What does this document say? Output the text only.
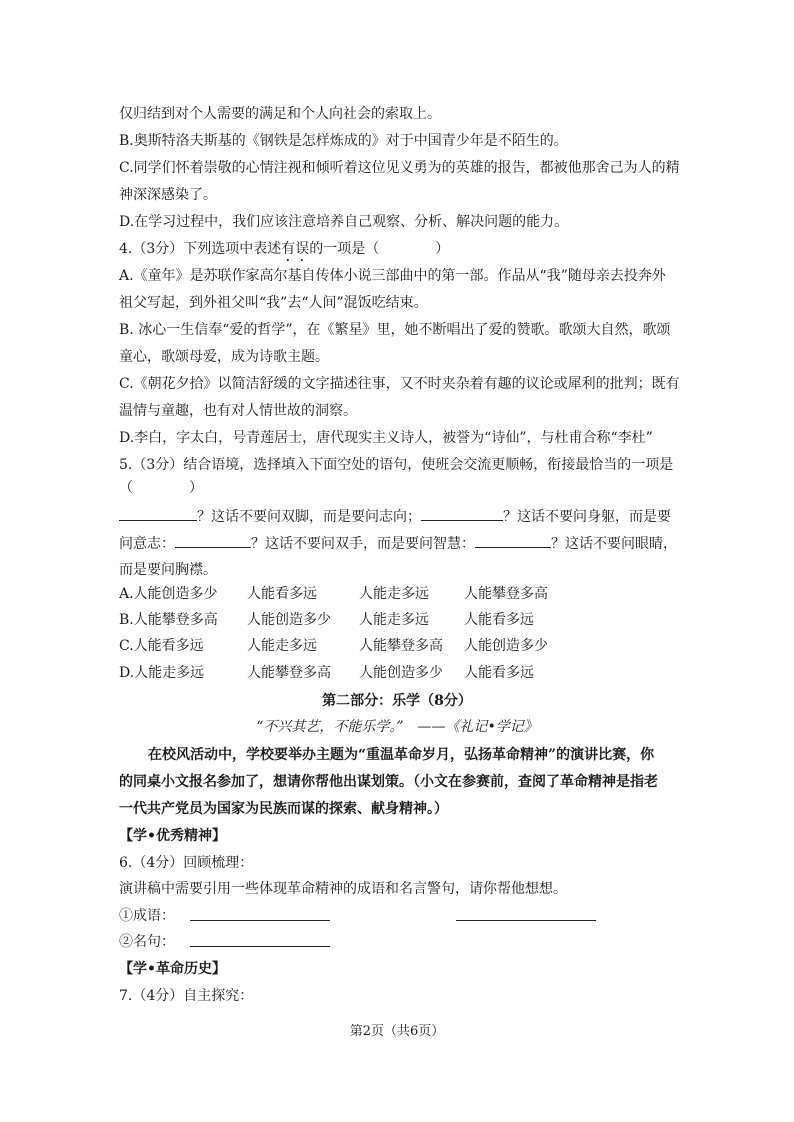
仅归结到对个人需要的满足和个人向社会的索取上。
B.奥斯特洛夫斯基的《钢铁是怎样炼成的》对于中国青少年是不陌生的。
C.同学们怀着崇敬的心情注视和倾听着这位见义勇为的英雄的报告，都被他那舍己为人的精
神深深感染了。
D.在学习过程中，我们应该注意培养自己观察、分析、解决问题的能力。
4.（3分）下列选项中表述有误的一项是（　　　　）
A.《童年》是苏联作家高尔基自传体小说三部曲中的第一部。作品从“我”随母亲去投奔外
祖父写起，到外祖父叫“我”去“人间”混饭吃结束。
B. 冰心一生信奉“爱的哲学”，在《繁星》里，她不断唱出了爱的赞歌。歌颂大自然，歌颂
童心，歌颂母爱，成为诗歌主题。
C.《朝花夕拾》以简洁舒缓的文字描述往事，又不时夹杂着有趣的议论或犀利的批判；既有
温情与童趣，也有对人情世故的洞察。
D.李白，字太白，号青莲居士，唐代现实主义诗人，被誉为“诗仙”，与杜甫合称“李杜”
5.（3分）结合语境，选择填入下面空处的语句，使班会交流更顺畅，衔接最恰当的一项是
（　　　　）
？这话不要问双脚，而是要问志向；	？这话不要问身躯，而是要
问意志：	？这话不要问双手，而是要问智慧：	？这话不要问眼睛，
而是要问胸襟。
A.人能创造多少 人能看多远	人能走多远	人能攀登多高
B.人能攀登多高 人能创造多少 人能走多远	人能看多远
C.人能看多远	人能走多远	人能攀登多高 人能创造多少
D.人能走多远	人能攀登多高 人能创造多少 人能看多远
第二部分：乐学（8分）
“不兴其艺，不能乐学。”　——《礼记•学记》
在校风活动中，学校要举办主题为“重温革命岁月，弘扬革命精神”的演讲比赛，你
的同桌小文报名参加了，想请你帮他出谋划策。（小文在参赛前，查阅了革命精神是指老
一代共产党员为国家为民族而谋的探索、献身精神。）
【学•优秀精神】
6.（4分）回顾梳理：
演讲稿中需要引用一些体现革命精神的成语和名言警句，请你帮他想想。
①成语：
②名句：
【学•革命历史】
7.（4分）自主探究：
第2页（共6页）
